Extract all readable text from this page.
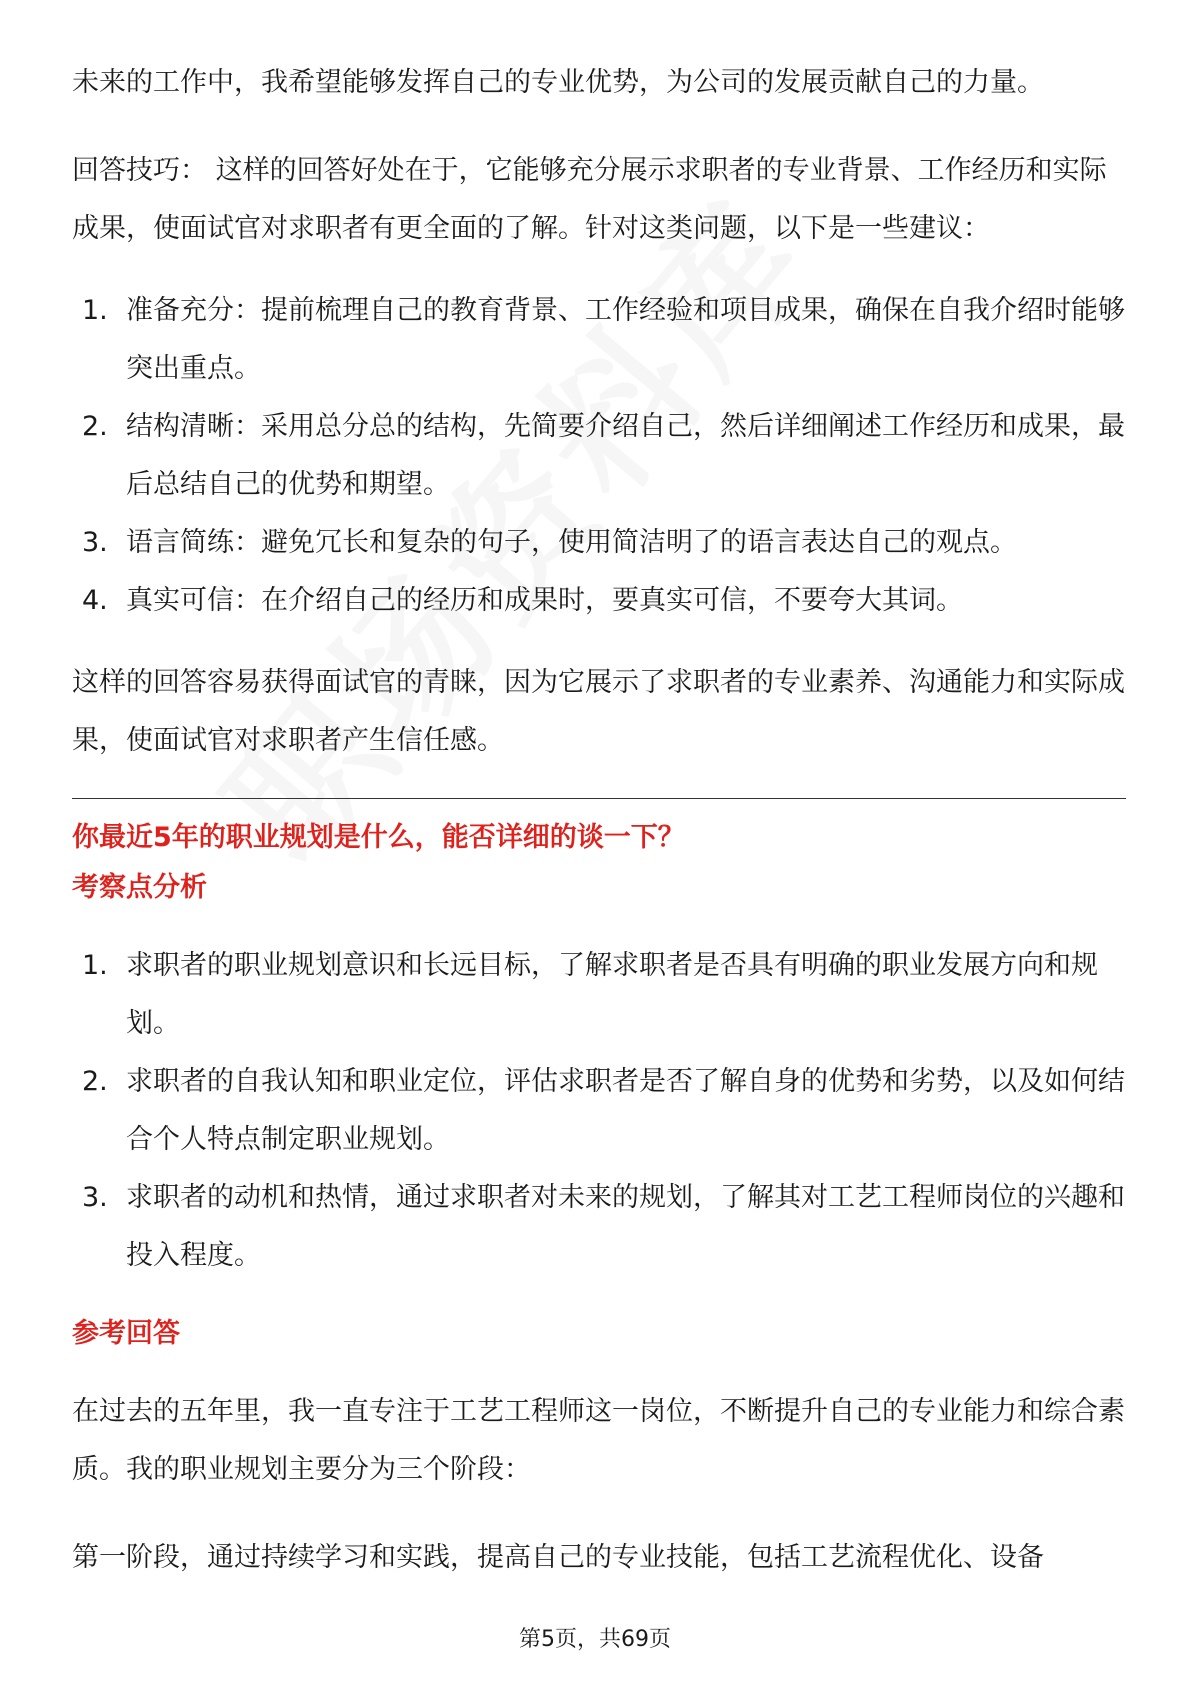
未来的工作中，我希望能够发挥自己的专业优势，为公司的发展贡献自己的力量。

回答技巧： 这样的回答好处在于，它能够充分展示求职者的专业背景、工作经历和实际成果，使面试官对求职者有更全面的了解。针对这类问题，以下是一些建议：

1. 准备充分：提前梳理自己的教育背景、工作经验和项目成果，确保在自我介绍时能够突出重点。
2. 结构清晰：采用总分总的结构，先简要介绍自己，然后详细阐述工作经历和成果，最后总结自己的优势和期望。
3. 语言简练：避免冗长和复杂的句子，使用简洁明了的语言表达自己的观点。
4. 真实可信：在介绍自己的经历和成果时，要真实可信，不要夸大其词。

这样的回答容易获得面试官的青睐，因为它展示了求职者的专业素养、沟通能力和实际成果，使面试官对求职者产生信任感。

你最近5年的职业规划是什么，能否详细的谈一下？

考察点分析

1. 求职者的职业规划意识和长远目标，了解求职者是否具有明确的职业发展方向和规划。
2. 求职者的自我认知和职业定位，评估求职者是否了解自身的优势和劣势，以及如何结合个人特点制定职业规划。
3. 求职者的动机和热情，通过求职者对未来的规划，了解其对工艺工程师岗位的兴趣和投入程度。

参考回答

在过去的五年里，我一直专注于工艺工程师这一岗位，不断提升自己的专业能力和综合素质。我的职业规划主要分为三个阶段：

第一阶段，通过持续学习和实践，提高自己的专业技能，包括工艺流程优化、设备

第5页，共69页
